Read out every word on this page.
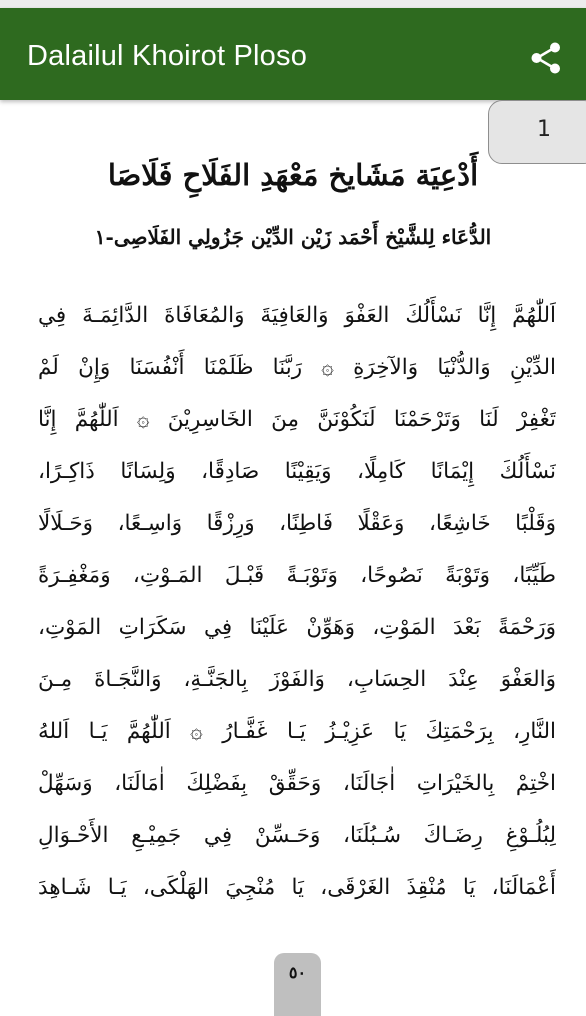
Dalailul Khoirot Ploso
1
أَدْعِيَة مَشَايخ مَعْهَدِ الفَلَاحِ فَلَاصَا
الدُّعَاء لِلشَّيْخ أَحْمَد زَيْن الدِّيْن جَزُولِي الفَلَاصِى-١
اَللّٰهُمَّ إِنَّا نَسْأَلُكَ العَفْوَ وَالعَافِيَةَ وَالمُعَافَاةَ الدَّائِمَـةَ فِي
الدِّيْنِ وَالدُّنْيَا وَالآخِرَةِ ۞ رَبَّنَا ظَلَمْنَا أَنْفُسَنَا وَإِنْ لَمْ
تَغْفِرْ لَنَا وَتَرْحَمْنَا لَنَكُوْنَنَّ مِنَ الخَاسِرِيْنَ ۞ اَللّٰهُمَّ إِنَّا
نَسْأَلُكَ إِيْمَانًا كَامِلًا، وَيَقِيْنًا صَادِقًا، وَلِسَانًا ذَاكِـرًا،
وَقَلْبًا خَاشِعًا، وَعَقْلًا فَاطِنًا، وَرِزْقًا وَاسِـعًا، وَحَـلَالًا
طَيِّبًا، وَتَوْبَةً نَصُوحًا، وَتَوْبَـةً قَبْـلَ المَـوْتِ، وَمَغْفِـرَةً
وَرَحْمَةً بَعْدَ المَوْتِ، وَهَوِّنْ عَلَيْنَا فِي سَكَرَاتِ المَوْتِ،
وَالعَفْوَ عِنْدَ الحِسَابِ، وَالفَوْزَ بِالجَنَّـةِ، وَالنَّجَـاةَ مِـنَ
النَّارِ، بِرَحْمَتِكَ يَا عَزِيْـزُ يَـا غَفَّـارُ ۞ اَللّٰهُمَّ يَـا اَللهُ
اخْتِمْ بِالخَيْرَاتِ اٰجَالَنَا، وَحَقِّقْ بِفَضْلِكَ اٰمَالَنَا، وَسَهِّلْ
لِبُلُـوْغِ رِضَـاكَ سُـبُلَنَا، وَحَـسِّنْ فِي جَمِيْـعِ الأَحْـوَالِ
أَعْمَالَنَا، يَا مُنْقِذَ الغَرْقَى، يَا مُنْجِيَ الهَلْكَى، يَـا شَـاهِدَ
٥٠
